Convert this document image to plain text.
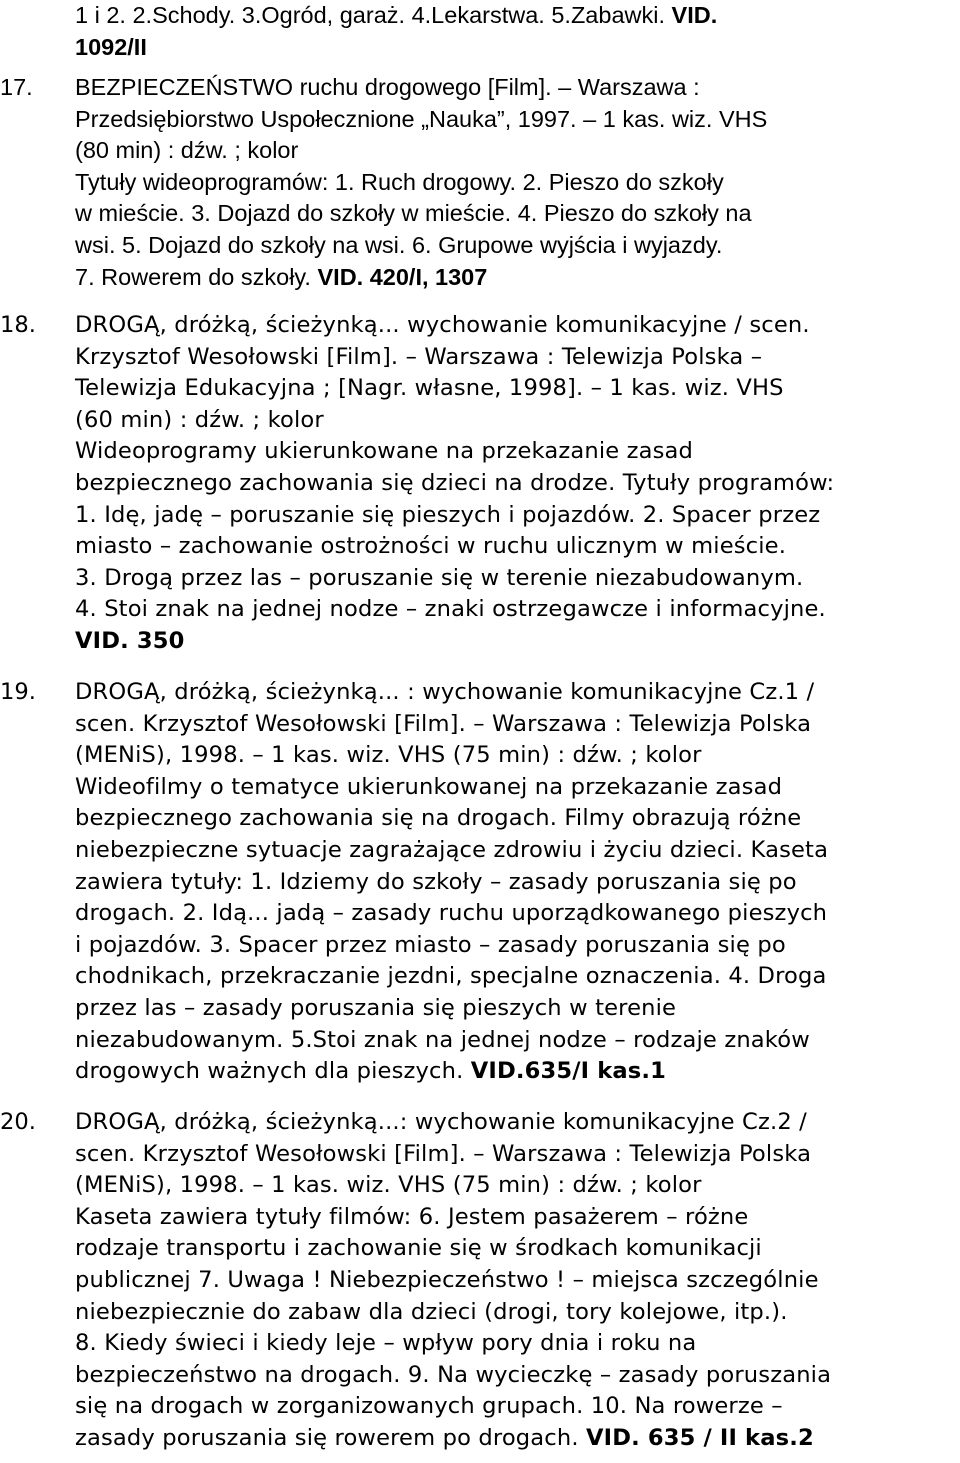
1 i 2. 2.Schody. 3.Ogród, garaż. 4.Lekarstwa. 5.Zabawki. VID.
1092/II
17. BEZPIECZEŃSTWO ruchu drogowego [Film]. – Warszawa :
Przedsiębiorstwo Uspołecznione „Nauka”, 1997. – 1 kas. wiz. VHS
(80 min) : dźw. ; kolor
Tytuły wideoprogramów: 1. Ruch drogowy. 2. Pieszo do szkoły
w mieście. 3. Dojazd do szkoły w mieście. 4. Pieszo do szkoły na
wsi. 5. Dojazd do szkoły na wsi. 6. Grupowe wyjścia i wyjazdy.
7. Rowerem do szkoły. VID. 420/I, 1307
18. DROGĄ, dróżką, ścieżynką... wychowanie komunikacyjne / scen.
Krzysztof Wesołowski [Film]. – Warszawa : Telewizja Polska –
Telewizja Edukacyjna ; [Nagr. własne, 1998]. – 1 kas. wiz. VHS
(60 min) : dźw. ; kolor
Wideoprogramy ukierunkowane na przekazanie zasad
bezpiecznego zachowania się dzieci na drodze. Tytuły programów:
1. Idę, jadę – poruszanie się pieszych i pojazdów. 2. Spacer przez
miasto – zachowanie ostrożności w ruchu ulicznym w mieście.
3. Drogą przez las – poruszanie się w terenie niezabudowanym.
4. Stoi znak na jednej nodze – znaki ostrzegawcze i informacyjne.
VID. 350
19. DROGĄ, dróżką, ścieżynką... : wychowanie komunikacyjne Cz.1 /
scen. Krzysztof Wesołowski [Film]. – Warszawa : Telewizja Polska
(MENiS), 1998. – 1 kas. wiz. VHS (75 min) : dźw. ; kolor
Wideofilmy o tematyce ukierunkowanej na przekazanie zasad
bezpiecznego zachowania się na drogach. Filmy obrazują różne
niebezpieczne sytuacje zagrażające zdrowiu i życiu dzieci. Kaseta
zawiera tytuły: 1. Idziemy do szkoły – zasady poruszania się po
drogach. 2. Idą... jadą – zasady ruchu uporządkowanego pieszych
i pojazdów. 3. Spacer przez miasto – zasady poruszania się po
chodnikach, przekraczanie jezdni, specjalne oznaczenia. 4. Droga
przez las – zasady poruszania się pieszych w terenie
niezabudowanym. 5.Stoi znak na jednej nodze – rodzaje znaków
drogowych ważnych dla pieszych. VID.635/I kas.1
20. DROGĄ, dróżką, ścieżynką...: wychowanie komunikacyjne Cz.2 /
scen. Krzysztof Wesołowski [Film]. – Warszawa : Telewizja Polska
(MENiS), 1998. – 1 kas. wiz. VHS (75 min) : dźw. ; kolor
Kaseta zawiera tytuły filmów: 6. Jestem pasażerem – różne
rodzaje transportu i zachowanie się w środkach komunikacji
publicznej 7. Uwaga ! Niebezpieczeństwo ! – miejsca szczególnie
niebezpiecznie do zabaw dla dzieci (drogi, tory kolejowe, itp.).
8. Kiedy świeci i kiedy leje – wpływ pory dnia i roku na
bezpieczeństwo na drogach. 9. Na wycieczkę – zasady poruszania
się na drogach w zorganizowanych grupach. 10. Na rowerze –
zasady poruszania się rowerem po drogach. VID. 635 / II kas.2
